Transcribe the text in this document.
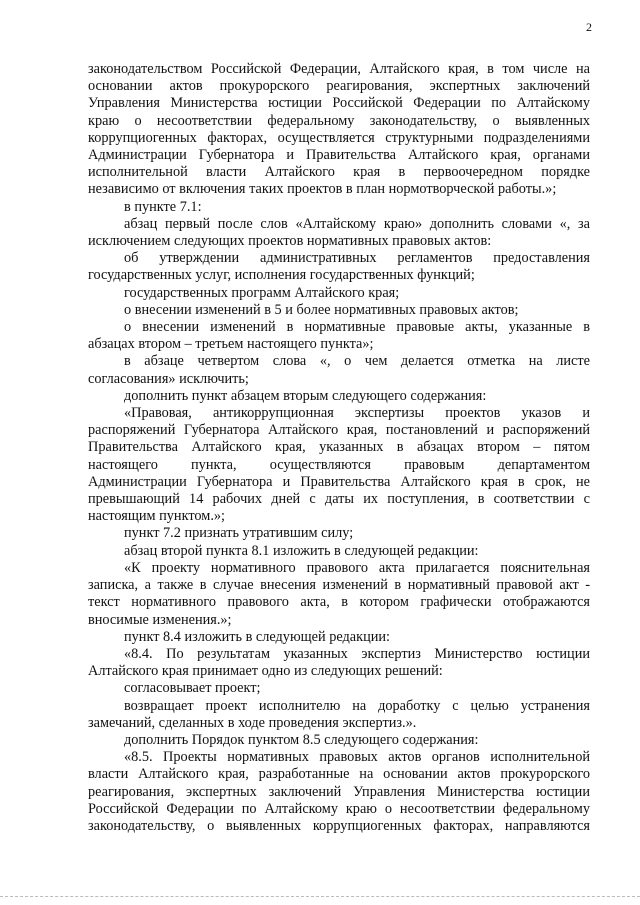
2
законодательством Российской Федерации, Алтайского края, в том числе на
основании актов прокурорского реагирования, экспертных заключений
Управления Министерства юстиции Российской Федерации по Алтайскому
краю о несоответствии федеральному законодательству, о выявленных
коррупциогенных факторах, осуществляется структурными подразделениями
Администрации Губернатора и Правительства Алтайского края, органами
исполнительной власти Алтайского края в первоочередном порядке
независимо от включения таких проектов в план нормотворческой работы.»;
в пункте 7.1:
абзац первый после слов «Алтайскому краю» дополнить словами «, за
исключением следующих проектов нормативных правовых актов:
об утверждении административных регламентов предоставления
государственных услуг, исполнения государственных функций;
государственных программ Алтайского края;
о внесении изменений в 5 и более нормативных правовых актов;
о внесении изменений в нормативные правовые акты, указанные в
абзацах втором – третьем настоящего пункта»;
в абзаце четвертом слова «, о чем делается отметка на листе
согласования» исключить;
дополнить пункт абзацем вторым следующего содержания:
«Правовая, антикоррупционная экспертизы проектов указов и
распоряжений Губернатора Алтайского края, постановлений и распоряжений
Правительства Алтайского края, указанных в абзацах втором – пятом
настоящего пункта, осуществляются правовым департаментом
Администрации Губернатора и Правительства Алтайского края в срок, не
превышающий 14 рабочих дней с даты их поступления, в соответствии с
настоящим пунктом.»;
пункт 7.2 признать утратившим силу;
абзац второй пункта 8.1 изложить в следующей редакции:
«К проекту нормативного правового акта прилагается пояснительная
записка, а также в случае внесения изменений в нормативный правовой акт -
текст нормативного правового акта, в котором графически отображаются
вносимые изменения.»;
пункт 8.4 изложить в следующей редакции:
«8.4. По результатам указанных экспертиз Министерство юстиции
Алтайского края принимает одно из следующих решений:
согласовывает проект;
возвращает проект исполнителю на доработку с целью устранения
замечаний, сделанных в ходе проведения экспертиз.».
дополнить Порядок пунктом 8.5 следующего содержания:
«8.5. Проекты нормативных правовых актов органов исполнительной
власти Алтайского края, разработанные на основании актов прокурорского
реагирования, экспертных заключений Управления Министерства юстиции
Российской Федерации по Алтайскому краю о несоответствии федеральному
законодательству, о выявленных коррупциогенных факторах, направляются
